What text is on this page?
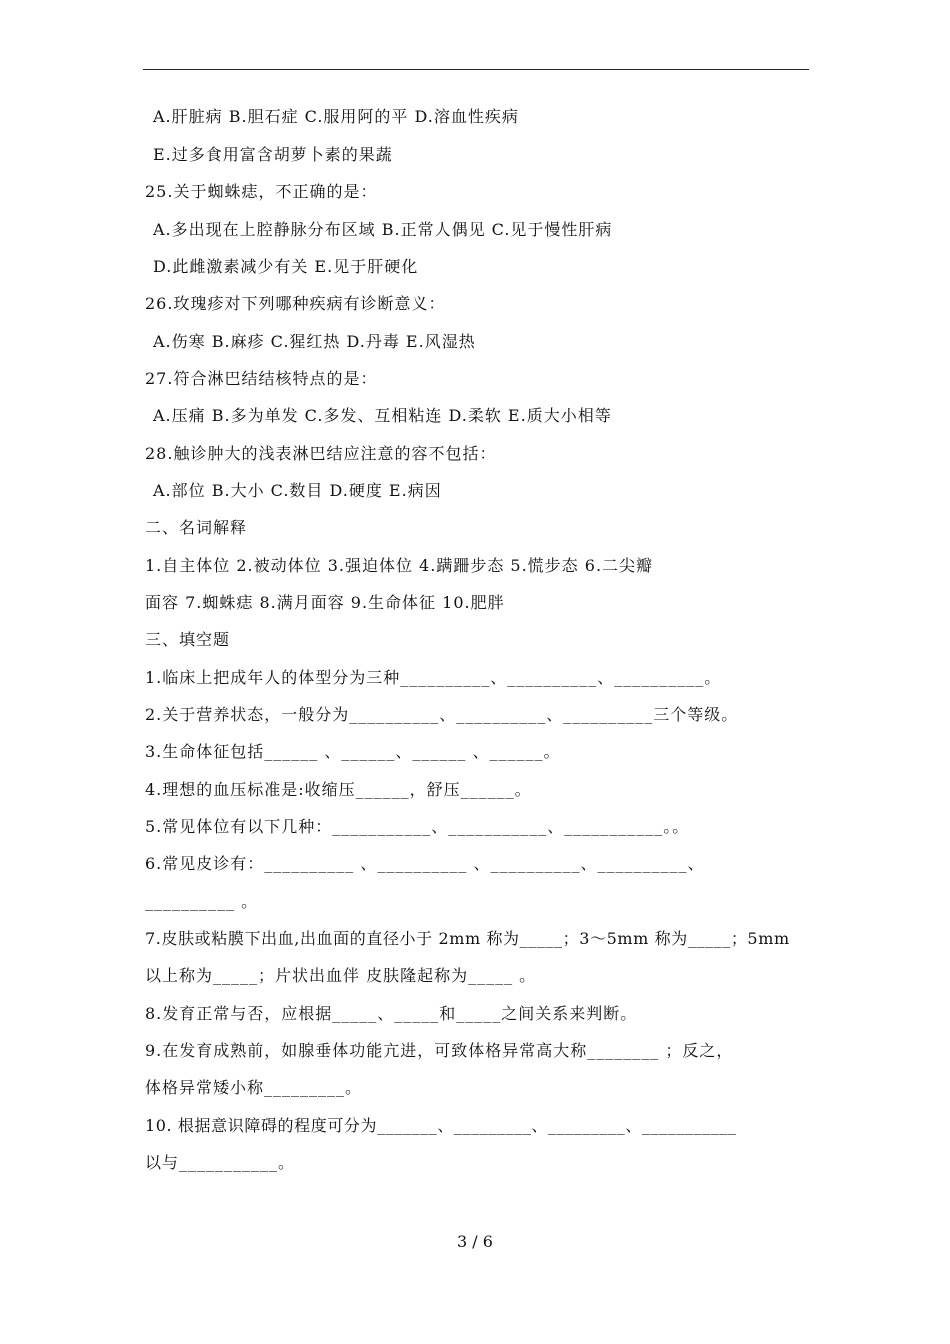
A.肝脏病 B.胆石症 C.服用阿的平 D.溶血性疾病
E.过多食用富含胡萝卜素的果蔬
25.关于蜘蛛痣，不正确的是：
A.多出现在上腔静脉分布区域 B.正常人偶见 C.见于慢性肝病
D.此雌激素减少有关 E.见于肝硬化
26.玫瑰疹对下列哪种疾病有诊断意义：
A.伤寒 B.麻疹 C.猩红热 D.丹毒 E.风湿热
27.符合淋巴结结核特点的是：
A.压痛 B.多为单发 C.多发、互相粘连 D.柔软 E.质大小相等
28.触诊肿大的浅表淋巴结应注意的容不包括：
A.部位 B.大小 C.数目 D.硬度 E.病因
二、名词解释
1.自主体位 2.被动体位 3.强迫体位 4.蹒跚步态 5.慌步态 6.二尖瓣
面容 7.蜘蛛痣 8.满月面容 9.生命体征 10.肥胖
三、填空题
1.临床上把成年人的体型分为三种__________、__________、__________。
2.关于营养状态，一般分为__________、__________、__________三个等级。
3.生命体征包括______ 、______、______ 、______。
4.理想的血压标准是:收缩压______，舒压______。
5.常见体位有以下几种：___________、___________、___________。。
6.常见皮诊有：__________ 、__________ 、__________、__________、
__________ 。
7.皮肤或粘膜下出血,出血面的直径小于 2mm 称为_____；3～5mm 称为_____；5mm
以上称为_____；片状出血伴 皮肤隆起称为_____ 。
8.发育正常与否，应根据_____、_____和_____之间关系来判断。
9.在发育成熟前，如腺垂体功能亢进，可致体格异常高大称________ ；反之，
体格异常矮小称_________。
10. 根据意识障碍的程度可分为_______、_________、_________、___________
以与___________。
3 / 6
